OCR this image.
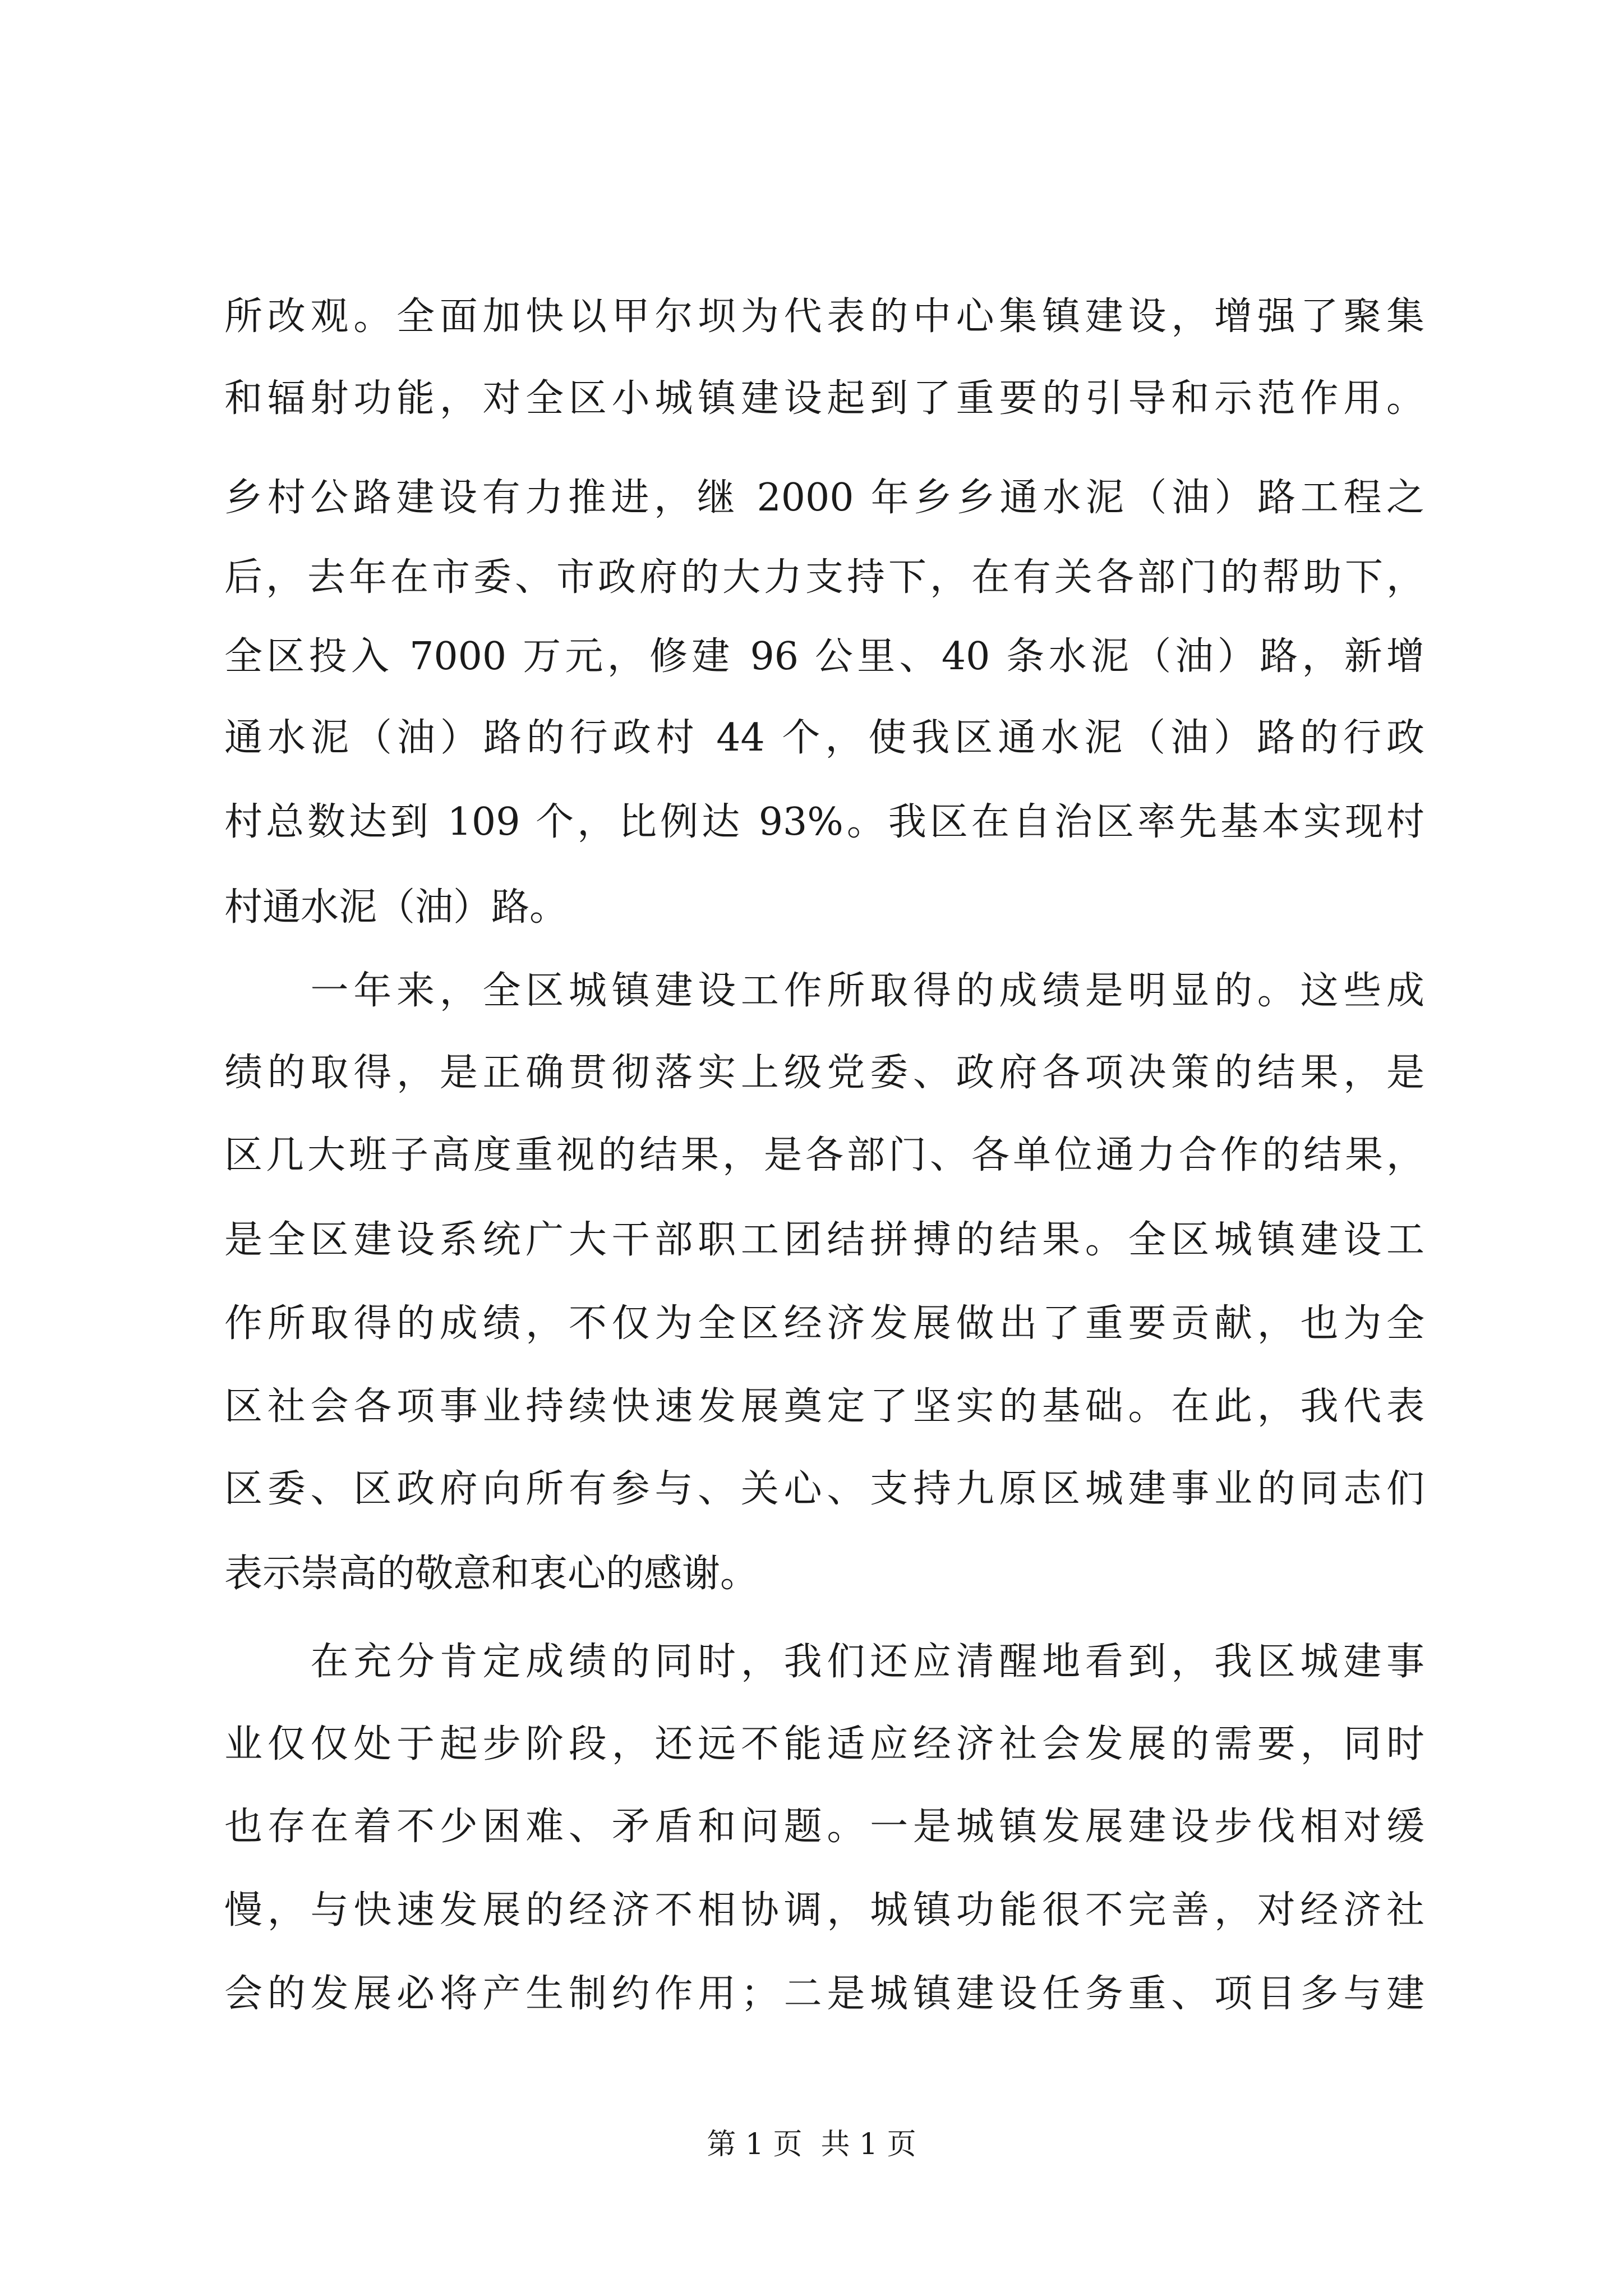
所改观。全面加快以甲尔坝为代表的中心集镇建设，增强了聚集
和辐射功能，对全区小城镇建设起到了重要的引导和示范作用。
乡村公路建设有力推进，继 2000 年乡乡通水泥（油）路工程之
后，去年在市委、市政府的大力支持下，在有关各部门的帮助下，
全区投入 7000 万元，修建 96 公里、40 条水泥（油）路，新增
通水泥（油）路的行政村 44 个，使我区通水泥（油）路的行政
村总数达到 109 个，比例达 93%。我区在自治区率先基本实现村
村通水泥（油）路。
　　一年来，全区城镇建设工作所取得的成绩是明显的。这些成
绩的取得，是正确贯彻落实上级党委、政府各项决策的结果，是
区几大班子高度重视的结果，是各部门、各单位通力合作的结果，
是全区建设系统广大干部职工团结拼搏的结果。全区城镇建设工
作所取得的成绩，不仅为全区经济发展做出了重要贡献，也为全
区社会各项事业持续快速发展奠定了坚实的基础。在此，我代表
区委、区政府向所有参与、关心、支持九原区城建事业的同志们
表示崇高的敬意和衷心的感谢。
　　在充分肯定成绩的同时，我们还应清醒地看到，我区城建事
业仅仅处于起步阶段，还远不能适应经济社会发展的需要，同时
也存在着不少困难、矛盾和问题。一是城镇发展建设步伐相对缓
慢，与快速发展的经济不相协调，城镇功能很不完善，对经济社
会的发展必将产生制约作用；二是城镇建设任务重、项目多与建
第 1 页  共 1 页
